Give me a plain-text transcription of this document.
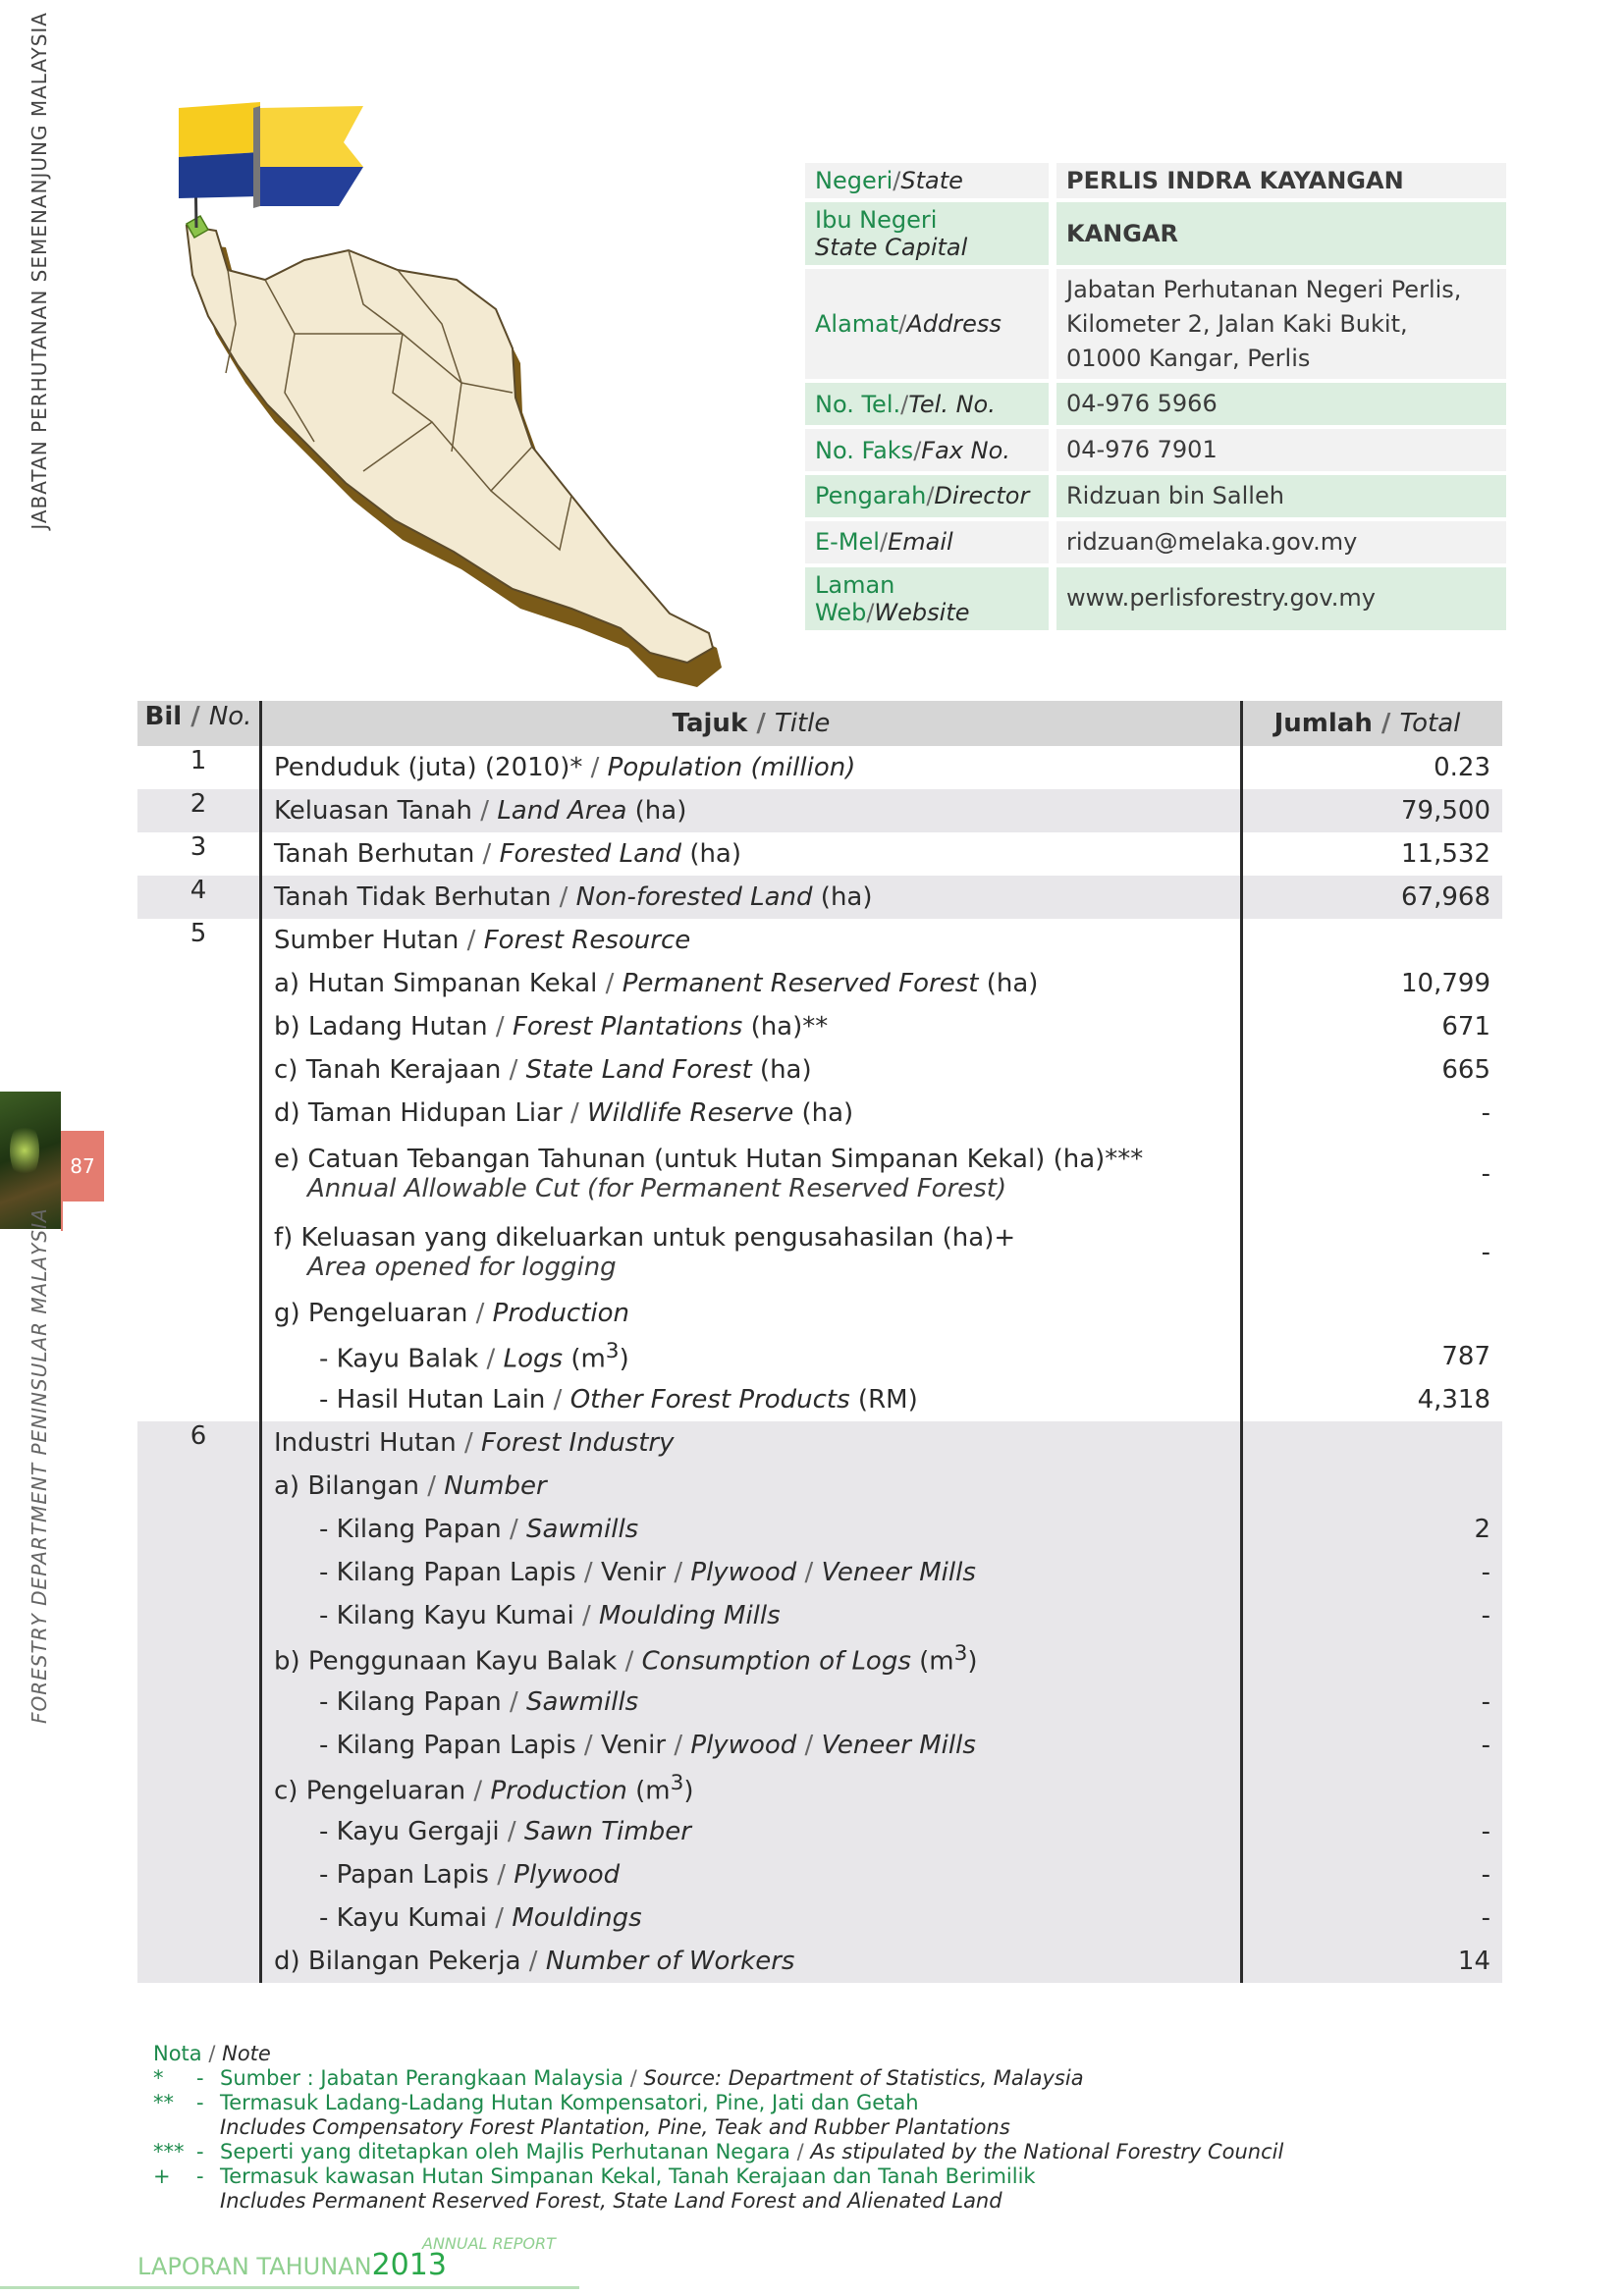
JABATAN PERHUTANAN SEMENANJUNG MALAYSIA
87
FORESTRY DEPARTMENT PENINSULAR MALAYSIA
Negeri/State	PERLIS INDRA KAYANGAN
Ibu Negeri
State Capital	KANGAR
Alamat/Address	Jabatan Perhutanan Negeri Perlis,
Kilometer 2, Jalan Kaki Bukit,
01000 Kangar, Perlis

No. Tel./Tel. No.	04-976 5966
No. Faks/Fax No.	04-976 7901
Pengarah/Director	Ridzuan bin Salleh
E-Mel/Email	ridzuan@melaka.gov.my
Laman Web/Website	www.perlisforestry.gov.my
Bil / No.	Tajuk / Title	Jumlah / Total
1	Penduduk (juta) (2010)* / Population (million)	0.23
2	Keluasan Tanah / Land Area (ha)	79,500
3	Tanah Berhutan / Forested Land (ha)	11,532
4	Tanah Tidak Berhutan / Non-forested Land (ha)	67,968
5	Sumber Hutan / Forest Resource	

	a) Hutan Simpanan Kekal / Permanent Reserved Forest (ha)	10,799

	b) Ladang Hutan / Forest Plantations (ha)**	671

	c) Tanah Kerajaan / State Land Forest (ha)	665

	d) Taman Hidupan Liar / Wildlife Reserve (ha)	-

	e) Catuan Tebangan Tahunan (untuk Hutan Simpanan Kekal) (ha)***
Annual Allowable Cut (for Permanent Reserved Forest)	-

	f) Keluasan yang dikeluarkan untuk pengusahasilan (ha)+
Area opened for logging	-

	g) Pengeluaran / Production	

	- Kayu Balak / Logs $(m^3)$	787

	- Hasil Hutan Lain / Other Forest Products (RM)	4,318
6	Industri Hutan / Forest Industry	

	a) Bilangan / Number	

	- Kilang Papan / Sawmills	2

	- Kilang Papan Lapis / Venir / Plywood / Veneer Mills	-

	- Kilang Kayu Kumai / Moulding Mills	-

	b) Penggunaan Kayu Balak / Consumption of Logs $(m^3)$	

	- Kilang Papan / Sawmills	-

	- Kilang Papan Lapis / Venir / Plywood / Veneer Mills	-

	c) Pengeluaran / Production $(m^3)$	

	- Kayu Gergaji / Sawn Timber	-

	- Papan Lapis / Plywood	-

	- Kayu Kumai / Mouldings	-

	d) Bilangan Pekerja / Number of Workers	14
Nota / Note
*	- Sumber : Jabatan Perangkaan Malaysia / Source: Department of Statistics, Malaysia
**	- Termasuk Ladang-Ladang Hutan Kompensatori, Pine, Jati dan Getah
Includes Compensatory Forest Plantation, Pine, Teak and Rubber Plantations
*** - Seperti yang ditetapkan oleh Majlis Perhutanan Negara / As stipulated by the National Forestry Council
+	- Termasuk kawasan Hutan Simpanan Kekal, Tanah Kerajaan dan Tanah Berimilik
Includes Permanent Reserved Forest, State Land Forest and Alienated Land
LAPORAN TAHUNAN2013
ANNUAL REPORT
